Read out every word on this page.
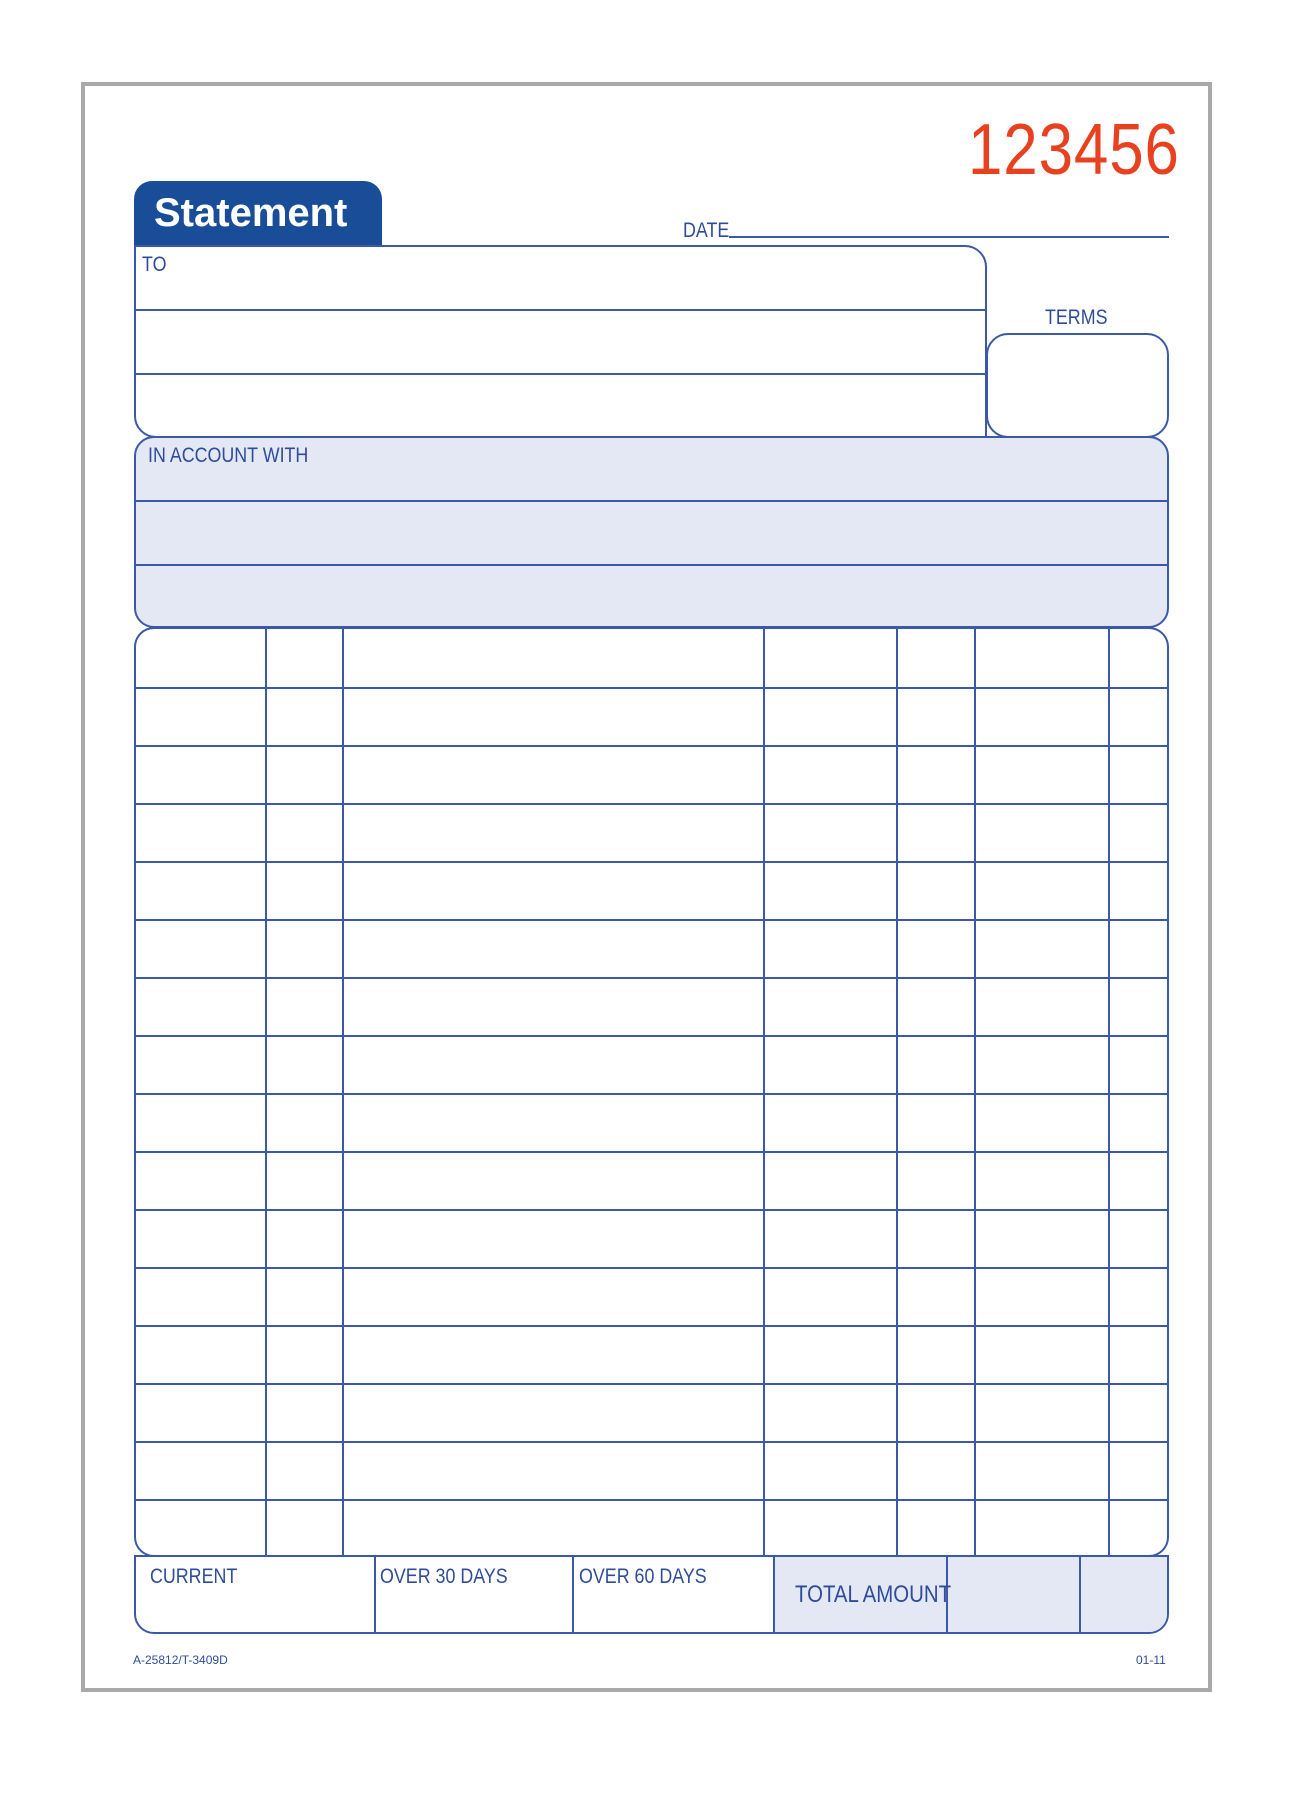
123456
Statement	DATE
TO
TERMS
IN ACCOUNT WITH
CURRENT	OVER 30 DAYS	OVER 60 DAYS
TOTAL AMOUNT
A-25812/T-3409D	01-11
